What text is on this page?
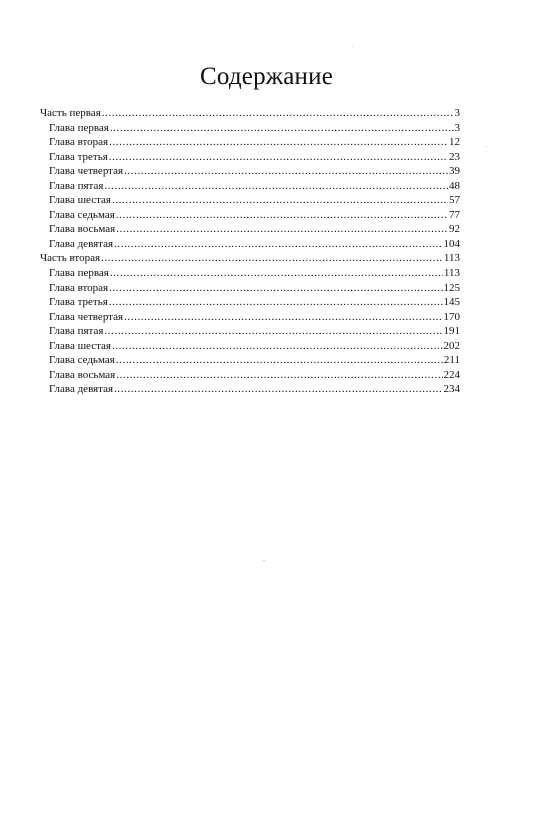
Содержание
Часть первая .....	3
Глава первая .....	3
Глава вторая .....	12
Глава третья .....	23
Глава четвертая .....	39
Глава пятая .....	48
Глава шестая .....	57
Глава седьмая .....	77
Глава восьмая .....	92
Глава девятая .....	104
Часть вторая .....	113
Глава первая .....	113
Глава вторая .....	125
Глава третья .....	145
Глава четвертая .....	170
Глава пятая .....	191
Глава шестая .....	202
Глава седьмая .....	211
Глава восьмая .....	224
Глава девятая .....	234
